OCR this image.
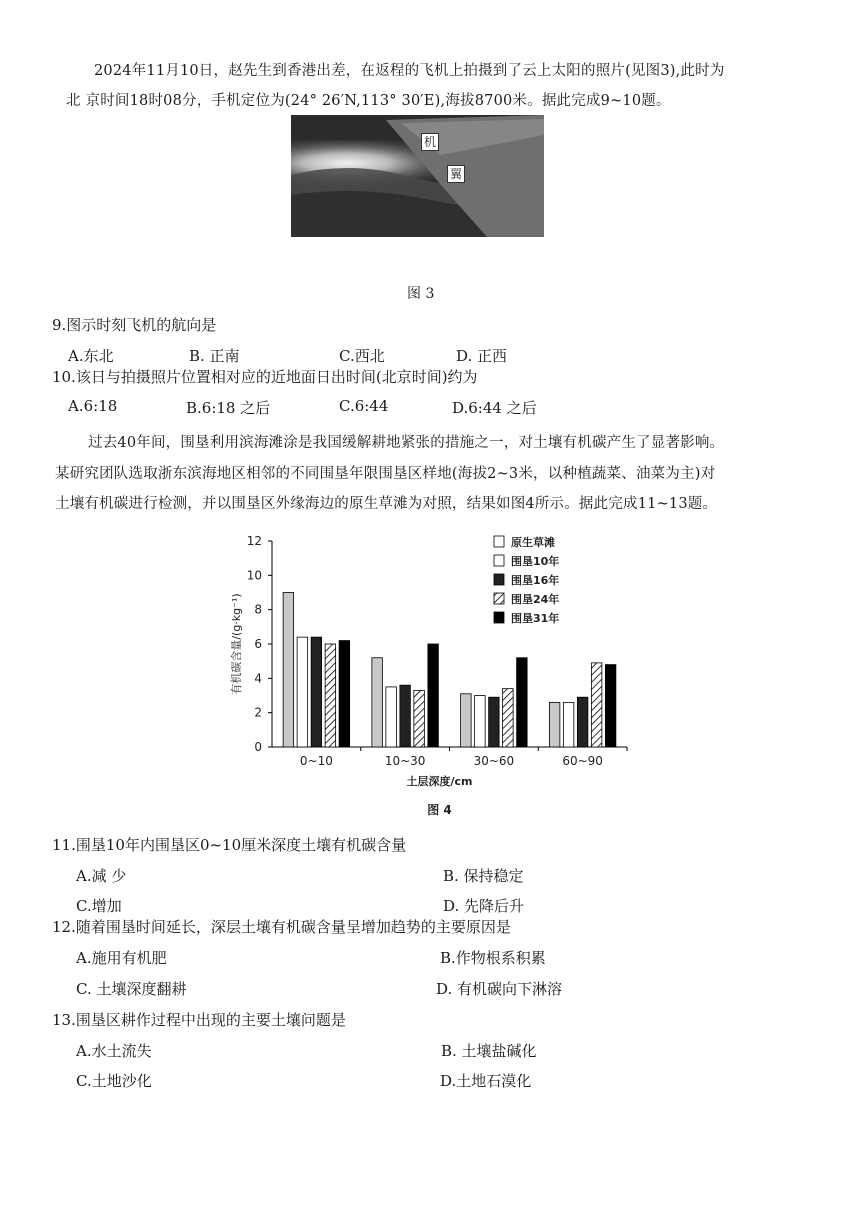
2024年11月10日，赵先生到香港出差，在返程的飞机上拍摄到了云上太阳的照片(见图3),此时为
北 京时间18时08分，手机定位为(24° 26′N,113° 30′E),海拔8700米。据此完成9~10题。
机
翼
图 3
9.图示时刻飞机的航向是
A.东北	B. 正南	C.西北	D. 正西
10.该日与拍摄照片位置相对应的近地面日出时间(北京时间)约为
A.6:18	B.6:18 之后	C.6:44	D.6:44 之后
过去40年间，围垦利用滨海滩涂是我国缓解耕地紧张的措施之一，对土壤有机碳产生了显著影响。
某研究团队选取浙东滨海地区相邻的不同围垦年限围垦区样地(海拔2~3米，以种植蔬菜、油菜为主)对
土壤有机碳进行检测，并以围垦区外缘海边的原生草滩为对照，结果如图4所示。据此完成11~13题。
0
2
4
6
8
10
12
有机碳含量/(g·kg⁻¹)
0~10	10~30	30~60	60~90
土层深度/cm
原生草滩
围垦10年
围垦16年
围垦24年
围垦31年
图 4
11.围垦10年内围垦区0~10厘米深度土壤有机碳含量
A.减 少	B. 保持稳定
C.增加	D. 先降后升
12.随着围垦时间延长，深层土壤有机碳含量呈增加趋势的主要原因是
A.施用有机肥	B.作物根系积累
C. 土壤深度翻耕	D. 有机碳向下淋溶
13.围垦区耕作过程中出现的主要土壤问题是
A.水土流失	B. 土壤盐碱化
C.土地沙化	D.土地石漠化
